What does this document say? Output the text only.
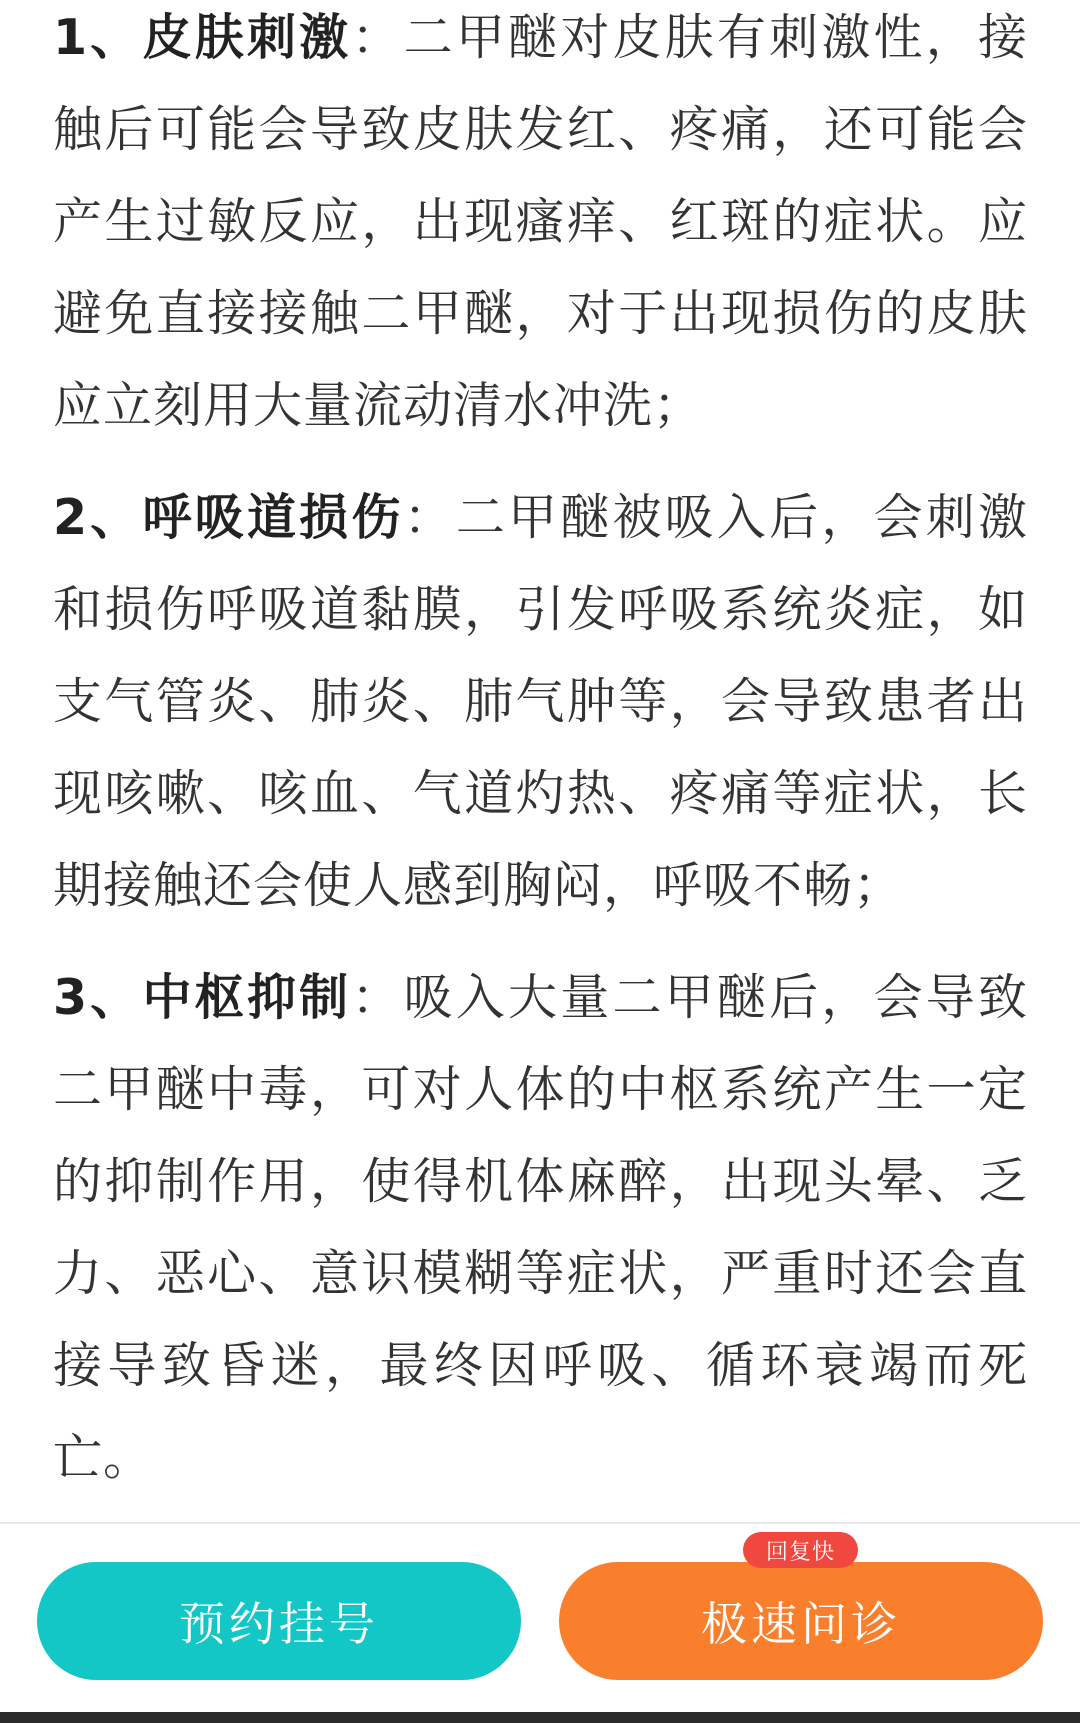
1、皮肤刺激：二甲醚对皮肤有刺激性，接触后可能会导致皮肤发红、疼痛，还可能会产生过敏反应，出现瘙痒、红斑的症状。应避免直接接触二甲醚，对于出现损伤的皮肤应立刻用大量流动清水冲洗；

2、呼吸道损伤：二甲醚被吸入后，会刺激和损伤呼吸道黏膜，引发呼吸系统炎症，如支气管炎、肺炎、肺气肿等，会导致患者出现咳嗽、咳血、气道灼热、疼痛等症状，长期接触还会使人感到胸闷，呼吸不畅；

3、中枢抑制：吸入大量二甲醚后，会导致二甲醚中毒，可对人体的中枢系统产生一定的抑制作用，使得机体麻醉，出现头晕、乏力、恶心、意识模糊等症状，严重时还会直接导致昏迷，最终因呼吸、循环衰竭而死亡。

预约挂号	极速问诊
回复快
